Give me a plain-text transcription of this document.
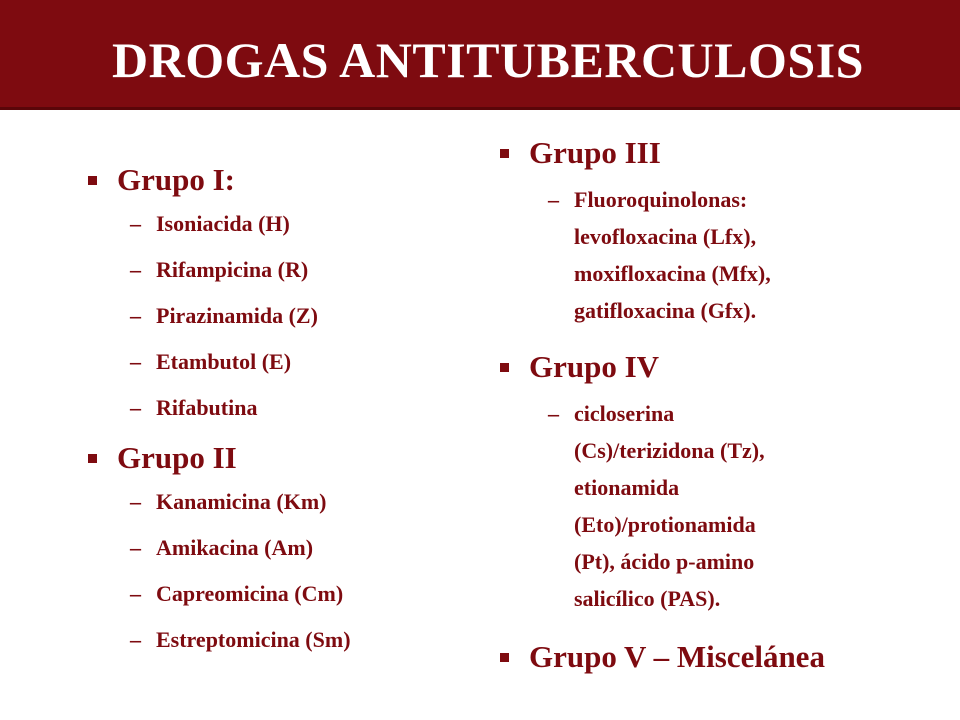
DROGAS ANTITUBERCULOSIS
Grupo I:
– Isoniacida (H)
– Rifampicina (R)
– Pirazinamida (Z)
– Etambutol (E)
– Rifabutina
Grupo II
– Kanamicina (Km)
– Amikacina (Am)
– Capreomicina (Cm)
– Estreptomicina (Sm)
Grupo III
– Fluoroquinolonas:
levofloxacina (Lfx),
moxifloxacina (Mfx),
gatifloxacina (Gfx).
Grupo IV
– cicloserina
(Cs)/terizidona (Tz),
etionamida
(Eto)/protionamida
(Pt), ácido p-amino
salicílico (PAS).
Grupo V – Miscelánea
